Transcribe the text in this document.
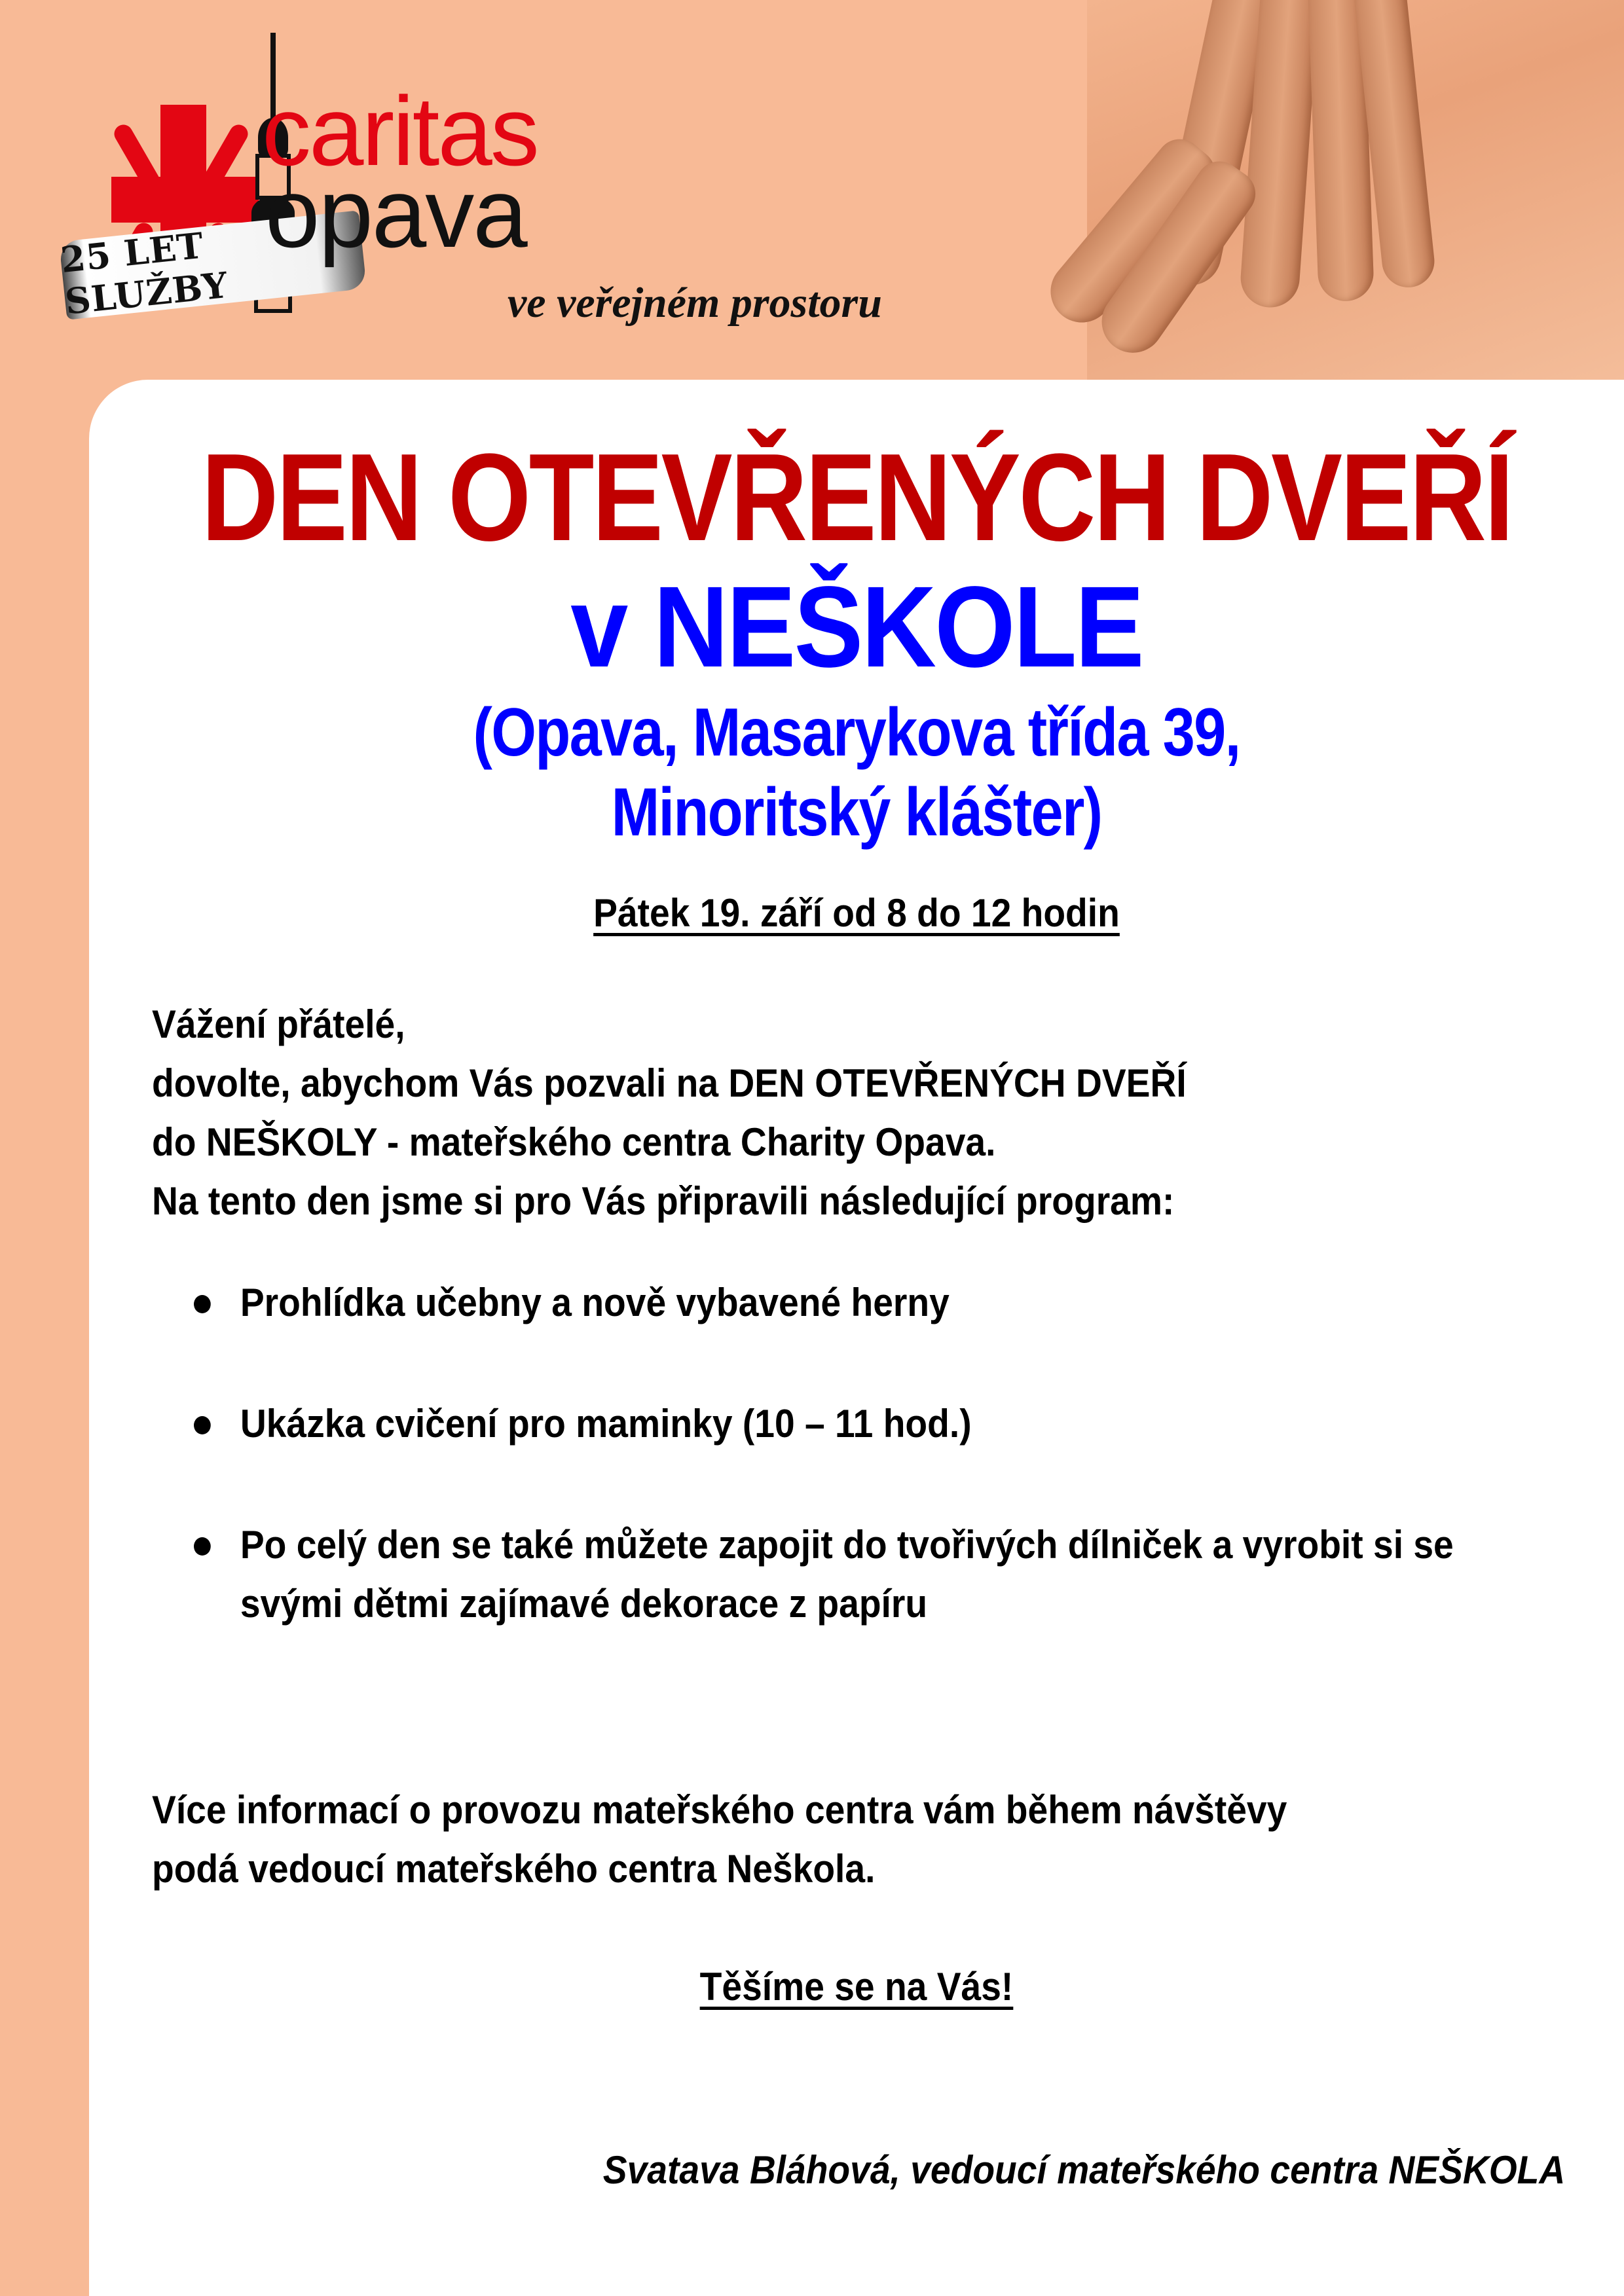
25 LET SLUŽBY
caritas
opava
ve veřejném prostoru
DEN OTEVŘENÝCH DVEŘÍ
v NEŠKOLE
(Opava, Masarykova třída 39,
Minoritský klášter)
Pátek 19. září od 8 do 12 hodin
Vážení přátelé,
dovolte, abychom Vás pozvali na DEN OTEVŘENÝCH DVEŘÍ
do NEŠKOLY - mateřského centra Charity Opava.
Na tento den jsme si pro Vás připravili následující program:
Prohlídka učebny a nově vybavené herny
Ukázka cvičení pro maminky (10 – 11 hod.)
Po celý den se také můžete zapojit do tvořivých dílniček a vyrobit si se svými dětmi zajímavé dekorace z papíru
Více informací o provozu mateřského centra vám během návštěvy
podá vedoucí mateřského centra Neškola.
Těšíme se na Vás!
Svatava Bláhová, vedoucí mateřského centra NEŠKOLA
